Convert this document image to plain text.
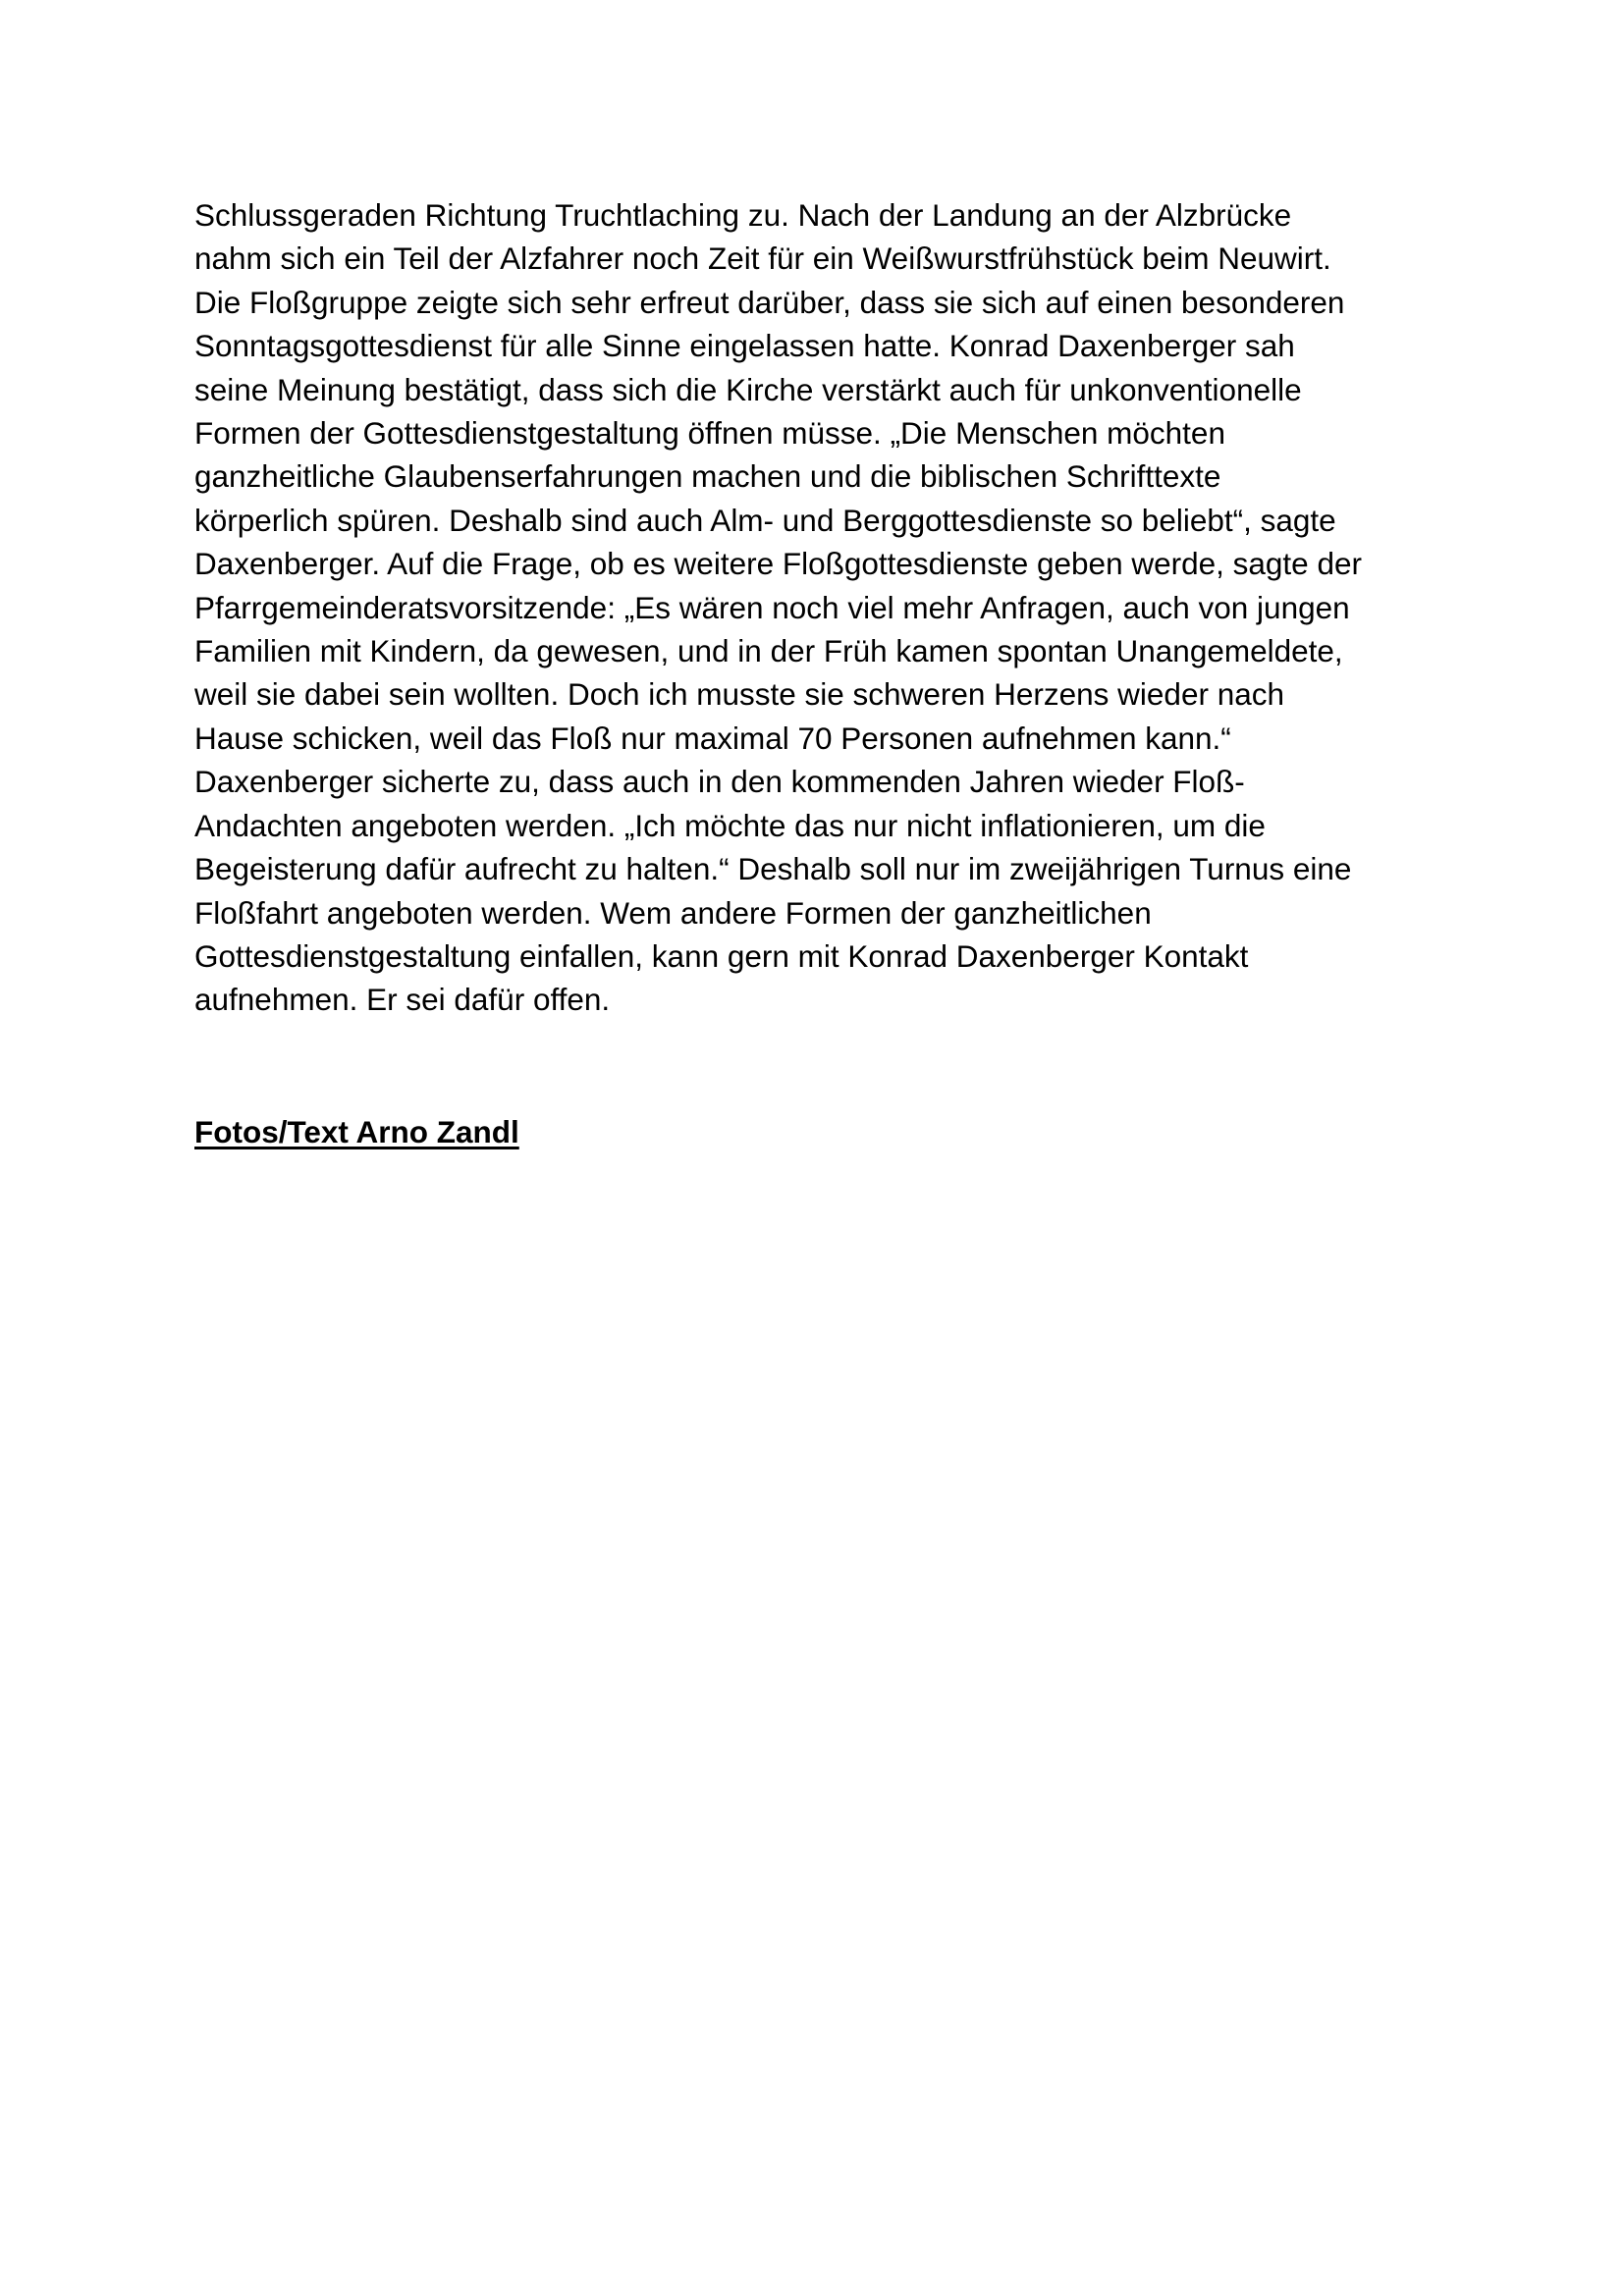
Schlussgeraden Richtung Truchtlaching zu. Nach der Landung an der Alzbrücke
nahm sich ein Teil der Alzfahrer noch Zeit für ein Weißwurstfrühstück beim Neuwirt.
Die Floßgruppe zeigte sich sehr erfreut darüber, dass sie sich auf einen besonderen
Sonntagsgottesdienst für alle Sinne eingelassen hatte. Konrad Daxenberger sah
seine Meinung bestätigt, dass sich die Kirche verstärkt auch für unkonventionelle
Formen der Gottesdienstgestaltung öffnen müsse. „Die Menschen möchten
ganzheitliche Glaubenserfahrungen machen und die biblischen Schrifttexte
körperlich spüren. Deshalb sind auch Alm- und Berggottesdienste so beliebt“, sagte
Daxenberger. Auf die Frage, ob es weitere Floßgottesdienste geben werde, sagte der
Pfarrgemeinderatsvorsitzende: „Es wären noch viel mehr Anfragen, auch von jungen
Familien mit Kindern, da gewesen, und in der Früh kamen spontan Unangemeldete,
weil sie dabei sein wollten. Doch ich musste sie schweren Herzens wieder nach
Hause schicken, weil das Floß nur maximal 70 Personen aufnehmen kann.“
Daxenberger sicherte zu, dass auch in den kommenden Jahren wieder Floß-
Andachten angeboten werden. „Ich möchte das nur nicht inflationieren, um die
Begeisterung dafür aufrecht zu halten.“ Deshalb soll nur im zweijährigen Turnus eine
Floßfahrt angeboten werden. Wem andere Formen der ganzheitlichen
Gottesdienstgestaltung einfallen, kann gern mit Konrad Daxenberger Kontakt
aufnehmen. Er sei dafür offen.

Fotos/Text Arno Zandl
